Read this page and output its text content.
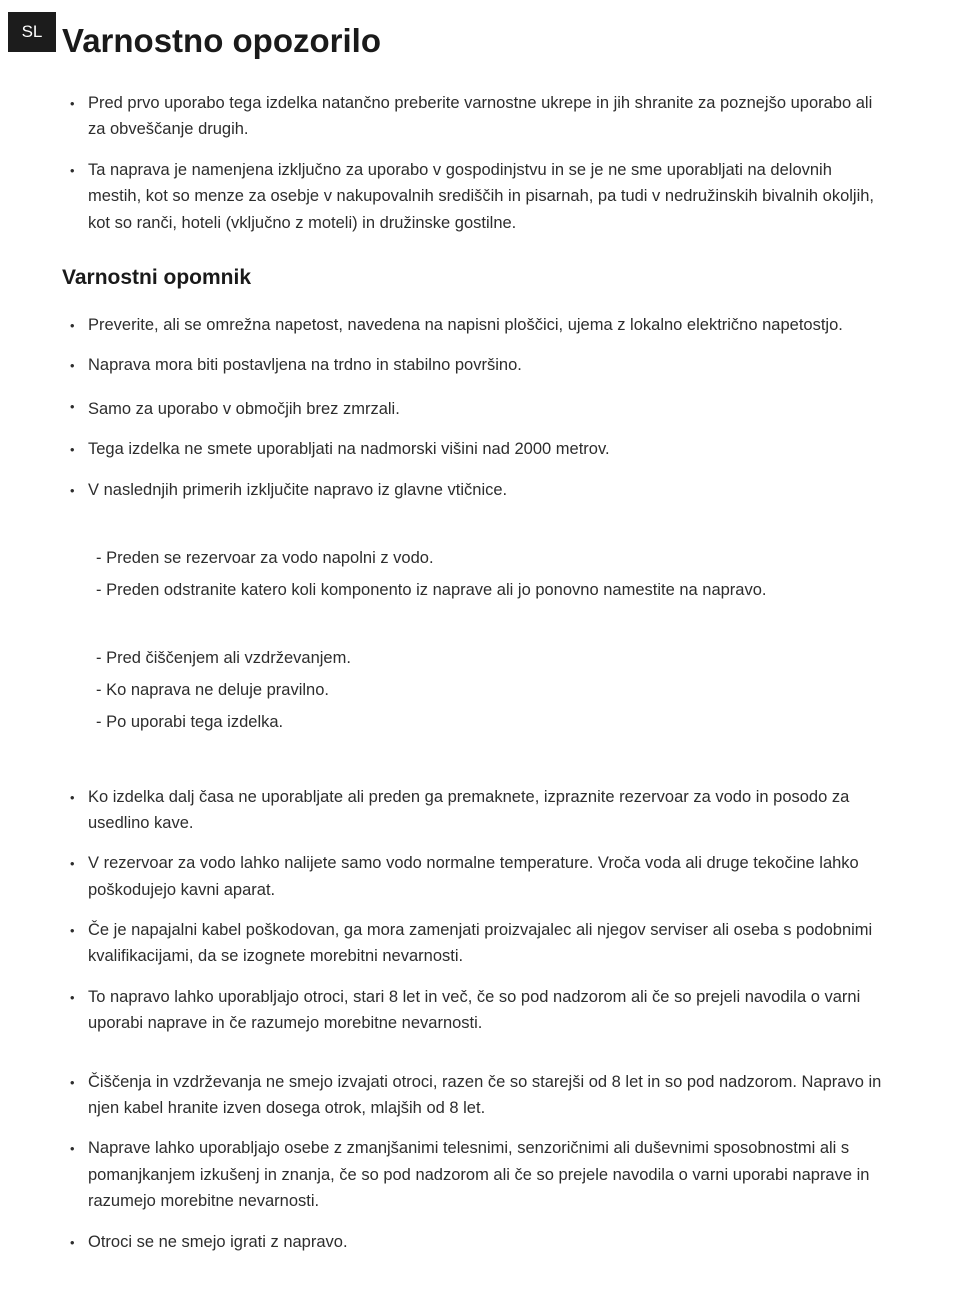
SL Varnostno opozorilo
• Pred prvo uporabo tega izdelka natančno preberite varnostne ukrepe in jih shranite za poznejšo uporabo ali za obveščanje drugih.
• Ta naprava je namenjena izključno za uporabo v gospodinjstvu in se je ne sme uporabljati na delovnih mestih, kot so menze za osebje v nakupovalnih središčih in pisarnah, pa tudi v nedružinskih bivalnih okoljih, kot so ranči, hoteli (vključno z moteli) in družinske gostilne.
Varnostni opomnik
• Preverite, ali se omrežna napetost, navedena na napisni ploščici, ujema z lokalno električno napetostjo.
• Naprava mora biti postavljena na trdno in stabilno površino.
• Samo za uporabo v območjih brez zmrzali.
• Tega izdelka ne smete uporabljati na nadmorski višini nad 2000 metrov.
• V naslednjih primerih izključite napravo iz glavne vtičnice.

- Preden se rezervoar za vodo napolni z vodo.

- Preden odstranite katero koli komponento iz naprave ali jo ponovno namestite na napravo.

- Pred čiščenjem ali vzdrževanjem.

- Ko naprava ne deluje pravilno.

- Po uporabi tega izdelka.

• Ko izdelka dalj časa ne uporabljate ali preden ga premaknete, izpraznite rezervoar za vodo in posodo za usedlino kave.
• V rezervoar za vodo lahko nalijete samo vodo normalne temperature. Vroča voda ali druge tekočine lahko poškodujejo kavni aparat.
• Če je napajalni kabel poškodovan, ga mora zamenjati proizvajalec ali njegov serviser ali oseba s podobnimi kvalifikacijami, da se izognete morebitni nevarnosti.
• To napravo lahko uporabljajo otroci, stari 8 let in več, če so pod nadzorom ali če so prejeli navodila o varni uporabi naprave in če razumejo morebitne nevarnosti.
• Čiščenja in vzdrževanja ne smejo izvajati otroci, razen če so starejši od 8 let in so pod nadzorom. Napravo in njen kabel hranite izven dosega otrok, mlajših od 8 let.
• Naprave lahko uporabljajo osebe z zmanjšanimi telesnimi, senzoričnimi ali duševnimi sposobnostmi ali s pomanjkanjem izkušenj in znanja, če so pod nadzorom ali če so prejele navodila o varni uporabi naprave in razumejo morebitne nevarnosti.
• Otroci se ne smejo igrati z napravo.
